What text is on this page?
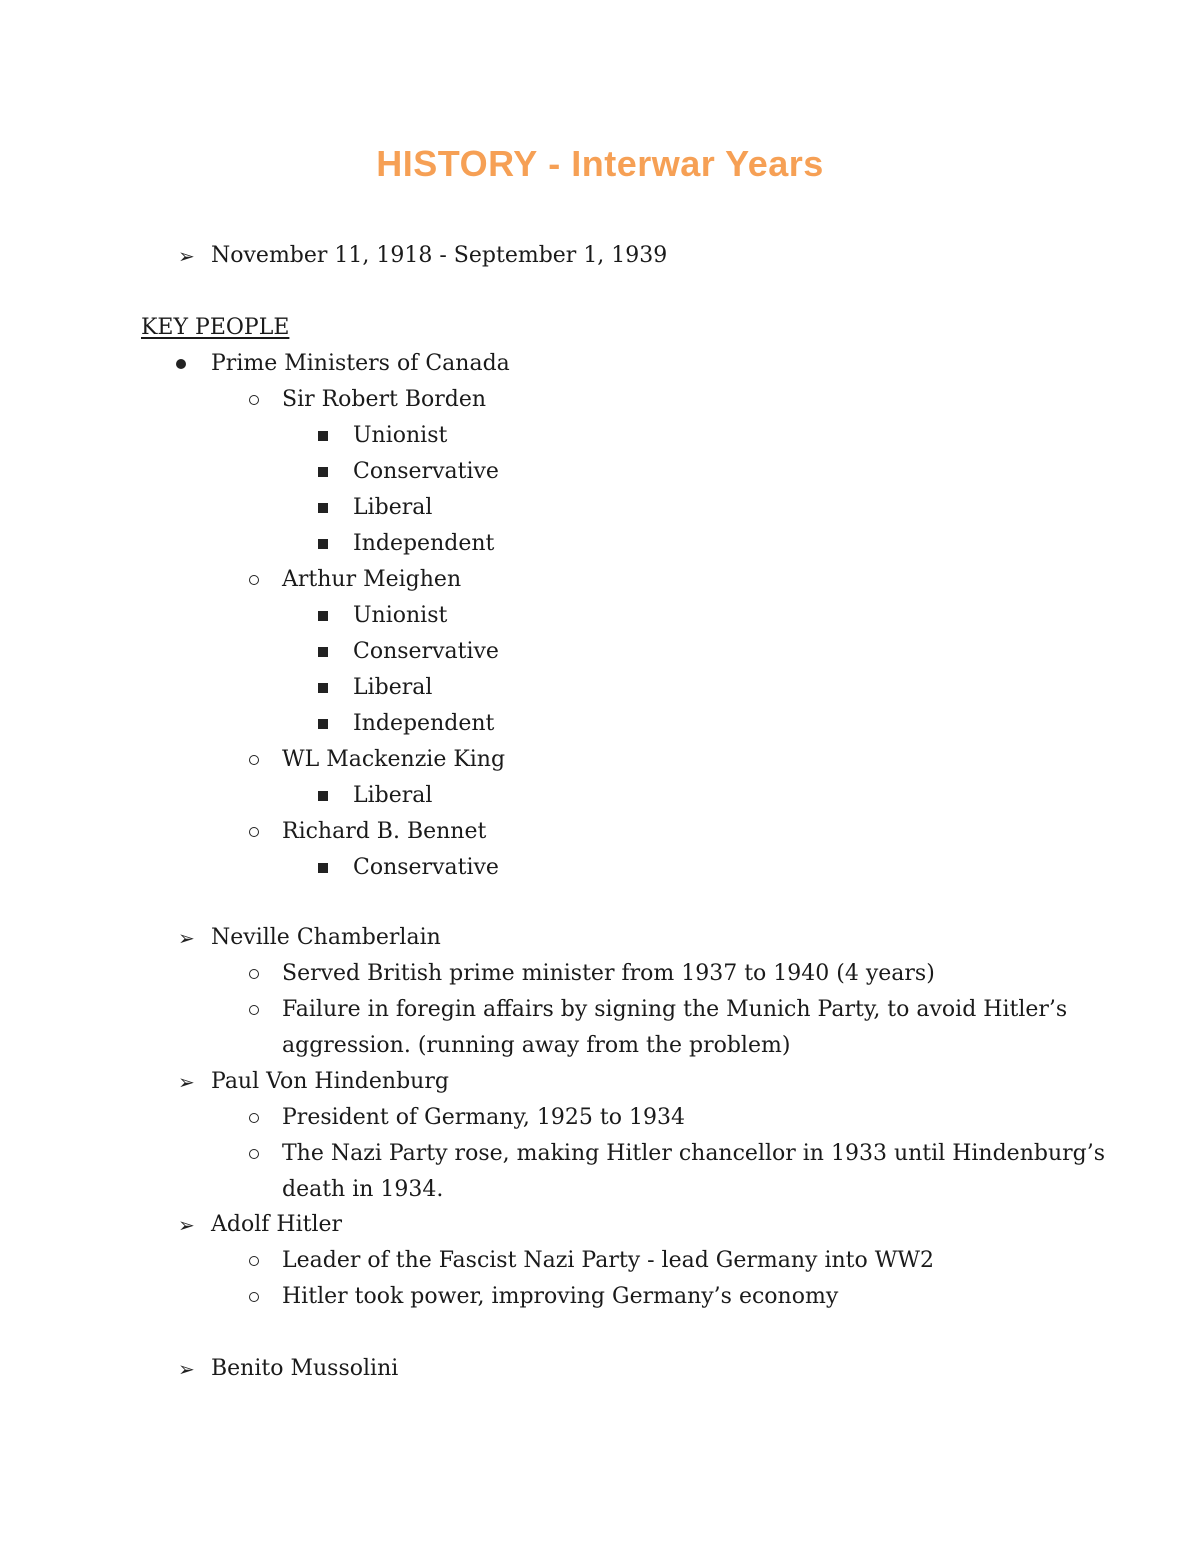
HISTORY - Interwar Years
➢ November 11, 1918 - September 1, 1939
KEY PEOPLE
Prime Ministers of Canada
Sir Robert Borden
Unionist
Conservative
Liberal
Independent
Arthur Meighen
Unionist
Conservative
Liberal
Independent
WL Mackenzie King
Liberal
Richard B. Bennet
Conservative
➢ Neville Chamberlain
Served British prime minister from 1937 to 1940 (4 years)
Failure in foregin affairs by signing the Munich Party, to avoid Hitler’s
aggression. (running away from the problem)
➢ Paul Von Hindenburg
President of Germany, 1925 to 1934
The Nazi Party rose, making Hitler chancellor in 1933 until Hindenburg’s
death in 1934.
➢ Adolf Hitler
Leader of the Fascist Nazi Party - lead Germany into WW2
Hitler took power, improving Germany’s economy
➢ Benito Mussolini
